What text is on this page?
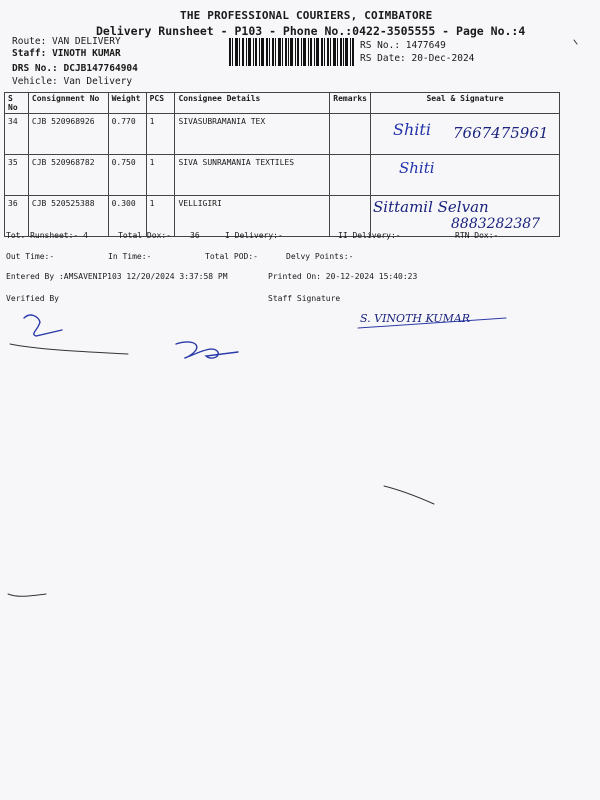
THE PROFESSIONAL COURIERS, COIMBATORE
Delivery Runsheet - P103 - Phone No.:0422-3505555 - Page No.:4
Route: VAN DELIVERY
Staff: VINOTH KUMAR
DRS No.: DCJB147764904
Vehicle: Van Delivery
RS No.: 1477649
RS Date: 20-Dec-2024
S No	Consignment No	Weight	PCS	Consignee Details	Remarks	Seal & Signature
34	CJB 520968926	0.770	1	SIVASUBRAMANIA TEX		Shiti 7667475961

35	CJB 520968782	0.750	1	SIVA SUNRAMANIA TEXTILES		Shiti

36	CJB 520525388	0.300	1	VELLIGIRI		Sittamil Selvan
8883282387
Tot. Runsheet:- 4	Total Dox:- 36	I Delivery:-	II Delivery:-	RTN Dox:-
Out Time:-	In Time:-	Total POD:-	Delvy Points:-
Entered By :AMSAVENIP103 12/20/2024 3:37:58 PM	Printed On: 20-12-2024 15:40:23
Verified By	Staff Signature
S. VINOTH KUMAR
